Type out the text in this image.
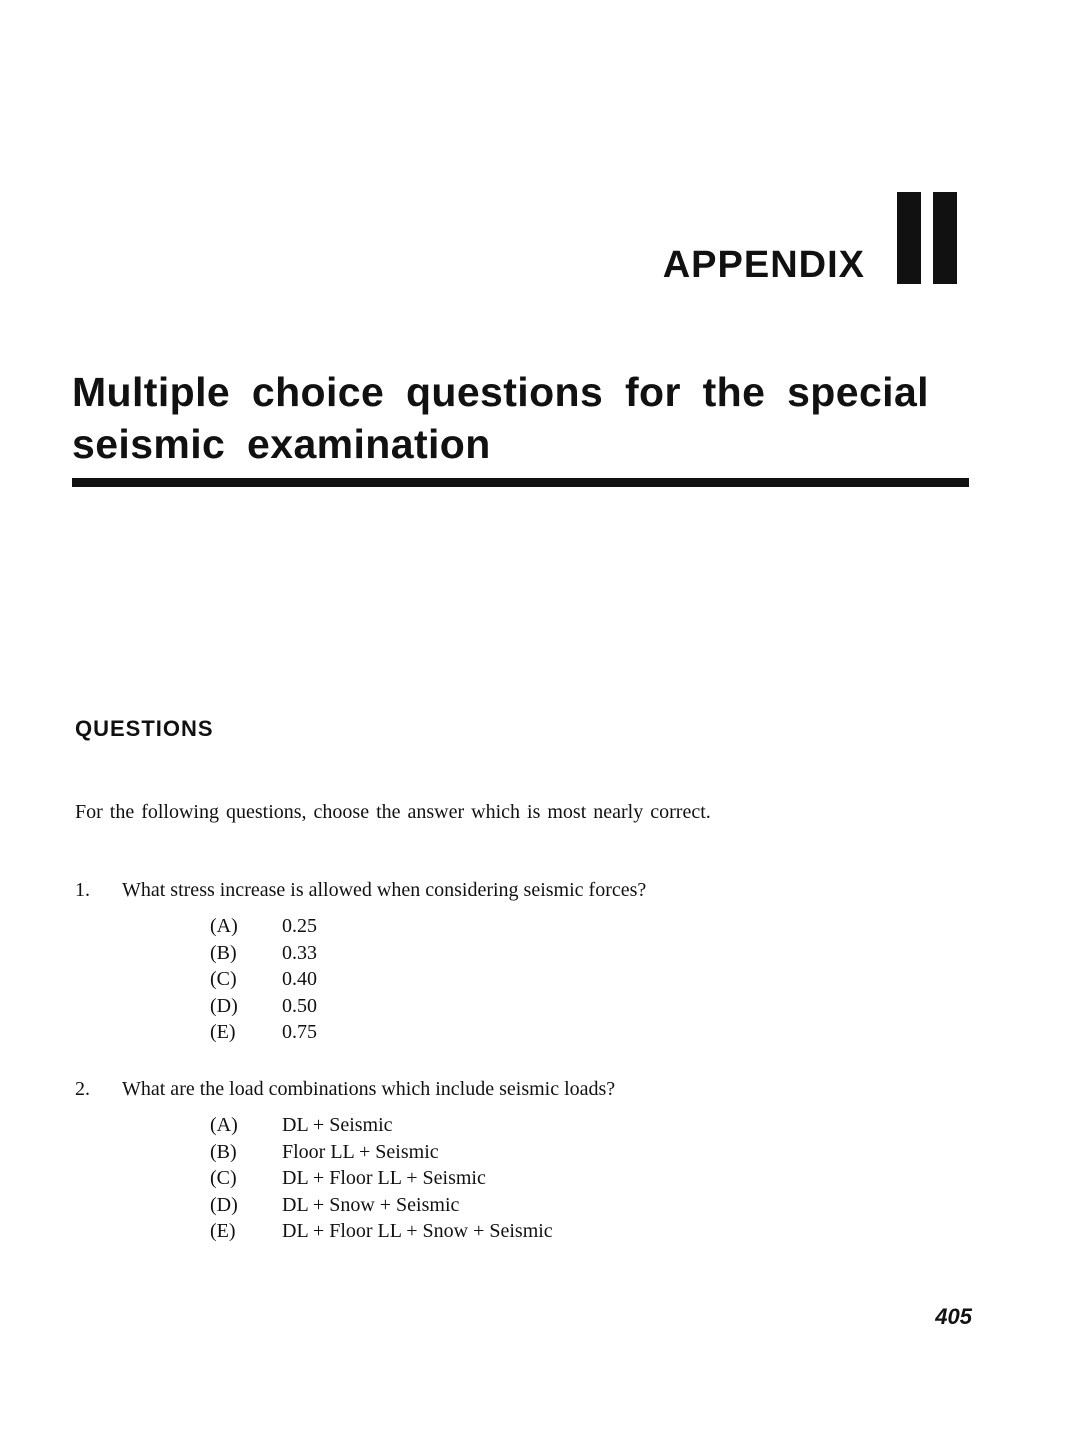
APPENDIX
Multiple choice questions for the special seismic examination
QUESTIONS
For the following questions, choose the answer which is most nearly correct.
1. What stress increase is allowed when considering seismic forces?
(A) 0.25
(B) 0.33
(C) 0.40
(D) 0.50
(E) 0.75
2. What are the load combinations which include seismic loads?
(A) DL + Seismic
(B) Floor LL + Seismic
(C) DL + Floor LL + Seismic
(D) DL + Snow + Seismic
(E) DL + Floor LL + Snow + Seismic
405
